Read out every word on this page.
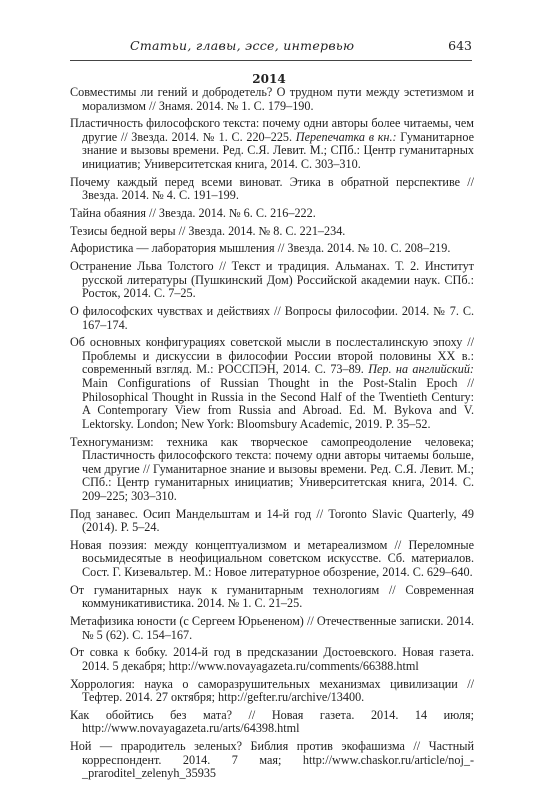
Статьи, главы, эссе, интервью	643
2014

Совместимы ли гений и добродетель? О трудном пути между эстетизмом и морализмом // Знамя. 2014. № 1. С. 179–190.

Пластичность философского текста: почему одни авторы более читаемы, чем другие // Звезда. 2014. № 1. С. 220–225. Перепечатка в кн.: Гуманитарное знание и вызовы времени. Ред. С.Я. Левит. М.; СПб.: Центр гуманитарных инициатив; Университетская книга, 2014. С. 303–310.

Почему каждый перед всеми виноват. Этика в обратной перспективе // Звезда. 2014. № 4. С. 191–199.

Тайна обаяния // Звезда. 2014. № 6. С. 216–222.

Тезисы бедной веры // Звезда. 2014. № 8. С. 221–234.

Афористика — лаборатория мышления // Звезда. 2014. № 10. С. 208–219.

Остранение Льва Толстого // Текст и традиция. Альманах. Т. 2. Институт русской литературы (Пушкинский Дом) Российской академии наук. СПб.: Росток, 2014. С. 7–25.

О философских чувствах и действиях // Вопросы философии. 2014. № 7. С. 167–174.

Об основных конфигурациях советской мысли в послесталинскую эпоху // Проблемы и дискуссии в философии России второй половины XX в.: современный взгляд. М.: РОССПЭН, 2014. С. 73–89. Пер. на английский: Main Configurations of Russian Thought in the Post-Stalin Epoch // Philosophical Thought in Russia in the Second Half of the Twentieth Century: A Contemporary View from Russia and Abroad. Ed. M. Bykova and V. Lektorsky. London; New York: Bloomsbury Academic, 2019. P. 35–52.

Техногуманизм: техника как творческое самопреодоление человека; Пластичность философского текста: почему одни авторы читаемы больше, чем другие // Гуманитарное знание и вызовы времени. Ред. С.Я. Левит. М.; СПб.: Центр гуманитарных инициатив; Университетская книга, 2014. С. 209–225; 303–310.

Под занавес. Осип Мандельштам и 14-й год // Toronto Slavic Quarterly, 49 (2014). P. 5–24.

Новая поэзия: между концептуализмом и метареализмом // Переломные восьмидесятые в неофициальном советском искусстве. Сб. материалов. Сост. Г. Кизевальтер. М.: Новое литературное обозрение, 2014. С. 629–640.

От гуманитарных наук к гуманитарным технологиям // Современная коммуникативистика. 2014. № 1. С. 21–25.

Метафизика юности (с Сергеем Юрьененом) // Отечественные записки. 2014. № 5 (62). С. 154–167.

От совка к бобку. 2014-й год в предсказании Достоевского. Новая газета. 2014. 5 декабря; http://www.novayagazeta.ru/comments/66388.html

Хоррология: наука о саморазрушительных механизмах цивилизации // Тефтер. 2014. 27 октября; http://gefter.ru/archive/13400.

Как обойтись без мата? // Новая газета. 2014. 14 июля; http://www.novayagazeta.ru/arts/64398.html

Ной — прародитель зеленых? Библия против экофашизма // Частный корреспондент. 2014. 7 мая; http://www.chaskor.ru/article/noj_-_praroditel_zelenyh_35935
